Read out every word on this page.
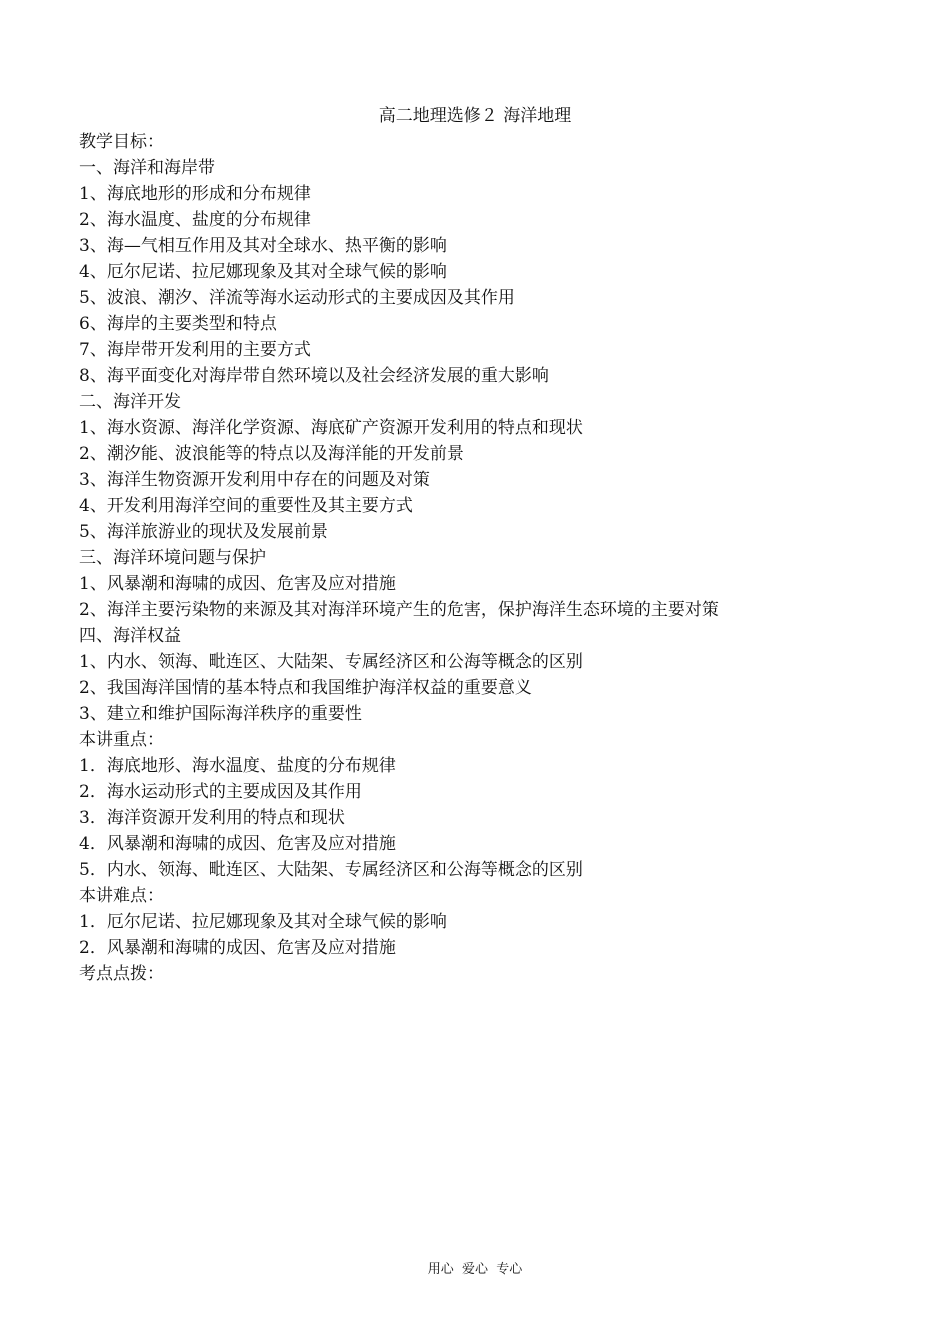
高二地理选修２ 海洋地理
教学目标：
一、海洋和海岸带
1、海底地形的形成和分布规律
2、海水温度、盐度的分布规律
3、海—气相互作用及其对全球水、热平衡的影响
4、厄尔尼诺、拉尼娜现象及其对全球气候的影响
5、波浪、潮汐、洋流等海水运动形式的主要成因及其作用
6、海岸的主要类型和特点
7、海岸带开发利用的主要方式
8、海平面变化对海岸带自然环境以及社会经济发展的重大影响
二、海洋开发
1、海水资源、海洋化学资源、海底矿产资源开发利用的特点和现状
2、潮汐能、波浪能等的特点以及海洋能的开发前景
3、海洋生物资源开发利用中存在的问题及对策
4、开发利用海洋空间的重要性及其主要方式
5、海洋旅游业的现状及发展前景
三、海洋环境问题与保护
1、风暴潮和海啸的成因、危害及应对措施
2、海洋主要污染物的来源及其对海洋环境产生的危害，保护海洋生态环境的主要对策
四、海洋权益
1、内水、领海、毗连区、大陆架、专属经济区和公海等概念的区别
2、我国海洋国情的基本特点和我国维护海洋权益的重要意义
3、建立和维护国际海洋秩序的重要性
本讲重点：
1．海底地形、海水温度、盐度的分布规律
2．海水运动形式的主要成因及其作用
3．海洋资源开发利用的特点和现状
4．风暴潮和海啸的成因、危害及应对措施
5．内水、领海、毗连区、大陆架、专属经济区和公海等概念的区别
本讲难点：
1．厄尔尼诺、拉尼娜现象及其对全球气候的影响
2．风暴潮和海啸的成因、危害及应对措施
考点点拨：
用心  爱心  专心
